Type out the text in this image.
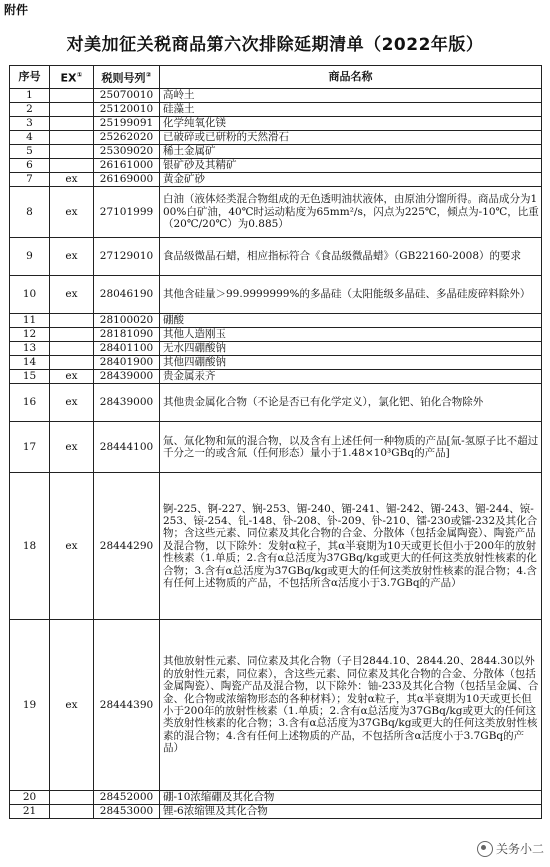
附件
对美加征关税商品第六次排除延期清单（2022年版）
序号	EX①	税则号列②	商品名称
1		25070010	高岭土
2		25120010	硅藻土
3		25199091	化学纯氧化镁
4		25262020	已破碎或已研粉的天然滑石
5		25309020	稀土金属矿
6		26161000	银矿砂及其精矿
7	ex	26169000	黄金矿砂
8	ex	27101999	白油（液体烃类混合物组成的无色透明油状液体，由原油分馏所得。商品成分为100%白矿油，40℃时运动粘度为65mm²/s，闪点为225℃，倾点为-10℃，比重（20℃/20℃）为0.885）
9	ex	27129010	食品级微晶石蜡，相应指标符合《食品级微晶蜡》（GB22160-2008）的要求
10	ex	28046190	其他含硅量＞99.9999999%的多晶硅（太阳能级多晶硅、多晶硅废碎料除外）
11		28100020	硼酸
12		28181090	其他人造刚玉
13		28401100	无水四硼酸钠
14		28401900	其他四硼酸钠
15	ex	28439000	贵金属汞齐
16	ex	28439000	其他贵金属化合物（不论是否已有化学定义），氯化钯、铂化合物除外
17	ex	28444100	氚、氚化物和氚的混合物，以及含有上述任何一种物质的产品[氚-氢原子比不超过千分之一的或含氚（任何形态）量小于1.48×10³GBq的产品]
18	ex	28444290	锕-225、锕-227、锎-253、镅-240、镅-241、镅-242、镅-243、镅-244、锿-253、锿-254、钆-148、钋-208、钋-209、钋-210、镭-230或镭-232及其化合物；含这些元素、同位素及其化合物的合金、分散体（包括金属陶瓷）、陶瓷产品及混合物，以下除外：发射α粒子，其α半衰期为10天或更长但小于200年的放射性核素（1.单质；2.含有α总活度为37GBq/kg或更大的任何这类放射性核素的化合物；3.含有α总活度为37GBq/kg或更大的任何这类放射性核素的混合物；4.含有任何上述物质的产品，不包括所含α活度小于3.7GBq的产品）
19	ex	28444390	其他放射性元素、同位素及其化合物（子目2844.10、2844.20、2844.30以外的放射性元素，同位素），含这些元素、同位素及其化合物的合金、分散体（包括金属陶瓷）、陶瓷产品及混合物，以下除外：铀-233及其化合物（包括呈金属、合金、化合物或浓缩物形态的各种材料）；发射α粒子，其α半衰期为10天或更长但小于200年的放射性核素（1.单质；2.含有α总活度为37GBq/kg或更大的任何这类放射性核素的化合物；3.含有α总活度为37GBq/kg或更大的任何这类放射性核素的混合物；4.含有任何上述物质的产品，不包括所含α活度小于3.7GBq的产品）
20		28452000	硼-10浓缩硼及其化合物
21		28453000	锂-6浓缩锂及其化合物
关务小二
